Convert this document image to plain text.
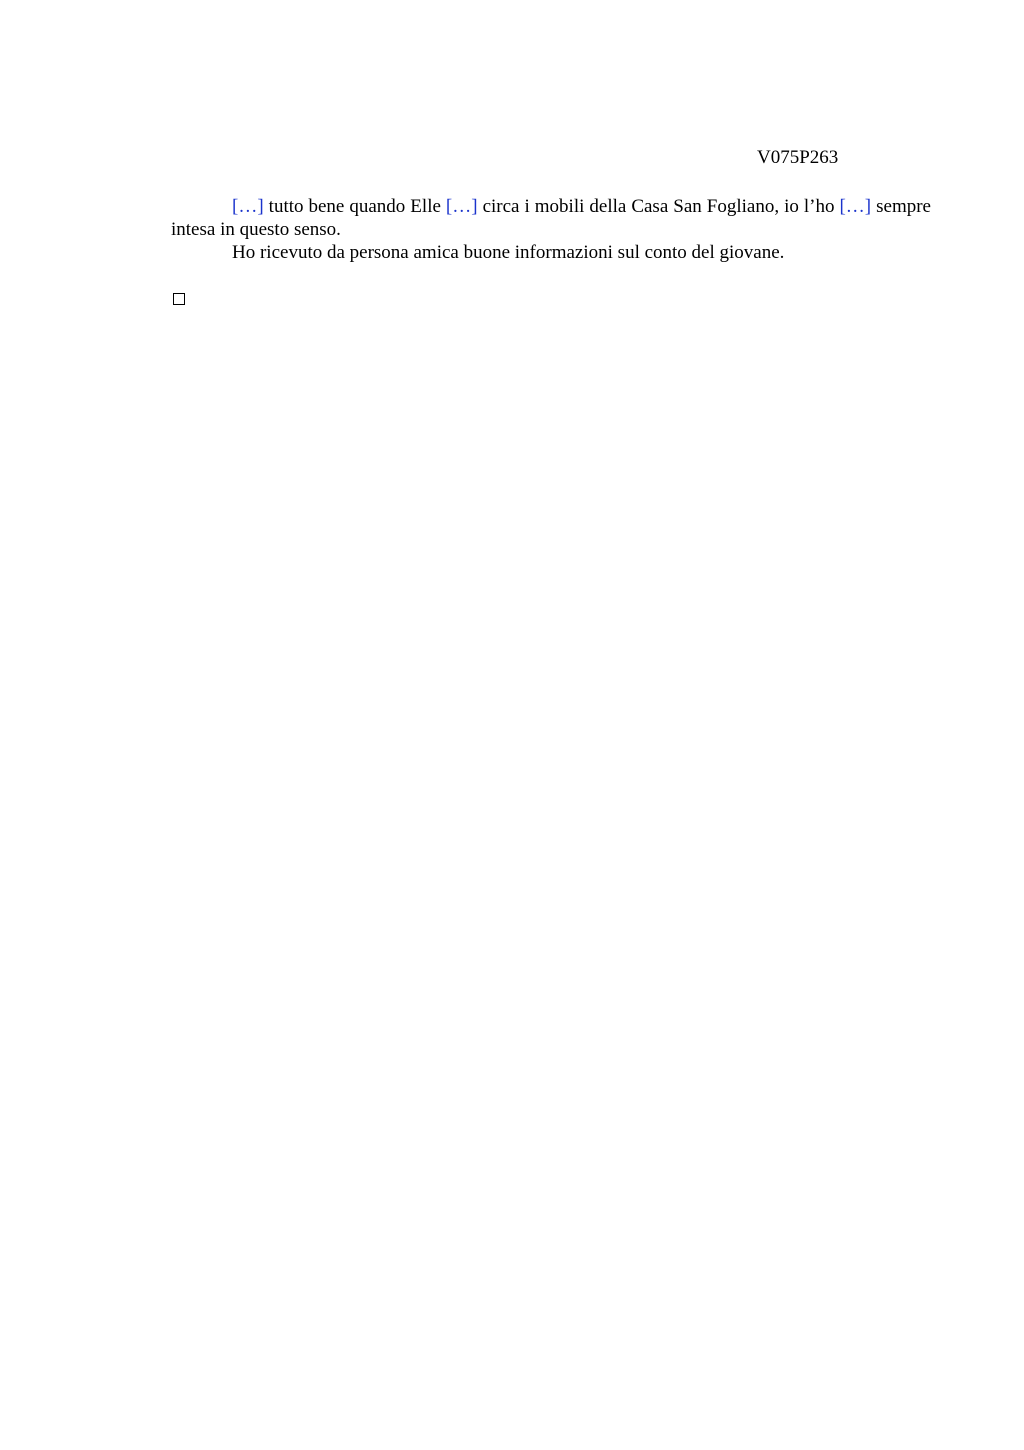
V075P263

[…] tutto bene quando Elle […] circa i mobili della Casa San Fogliano, io l’ho […] sempre intesa in questo senso.

Ho ricevuto da persona amica buone informazioni sul conto del giovane.
